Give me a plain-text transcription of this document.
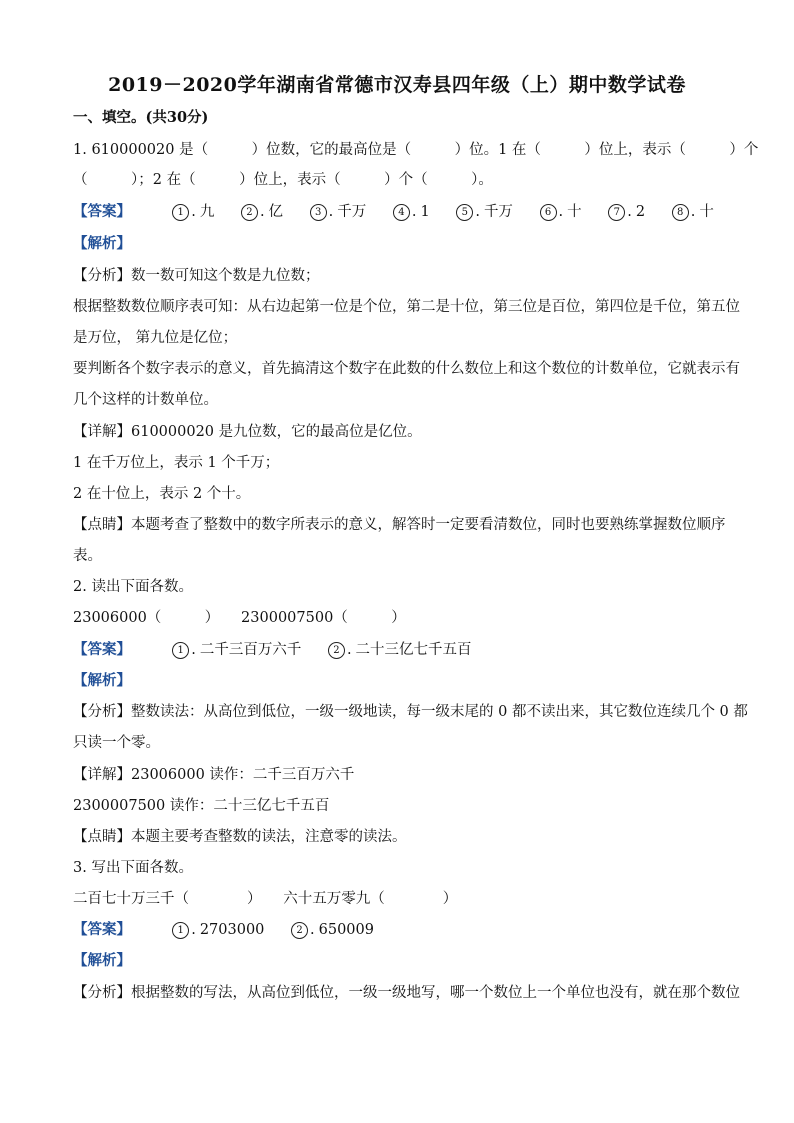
2019－2020学年湖南省常德市汉寿县四年级（上）期中数学试卷
一、填空。(共30分)
1. 610000020 是（　　　）位数，它的最高位是（　　　）位。1 在（　　　）位上，表示（　　　）个
（　　　）；2 在（　　　）位上，表示（　　　）个（　　　）。
【答案】	1 . 九	2 . 亿	3 . 千万	4 . 1	5 . 千万	6 . 十	7 . 2	8 . 十
【解析】
【分析】数一数可知这个数是九位数；
根据整数数位顺序表可知：从右边起第一位是个位，第二是十位，第三位是百位，第四位是千位，第五位
是万位， 第九位是亿位；
要判断各个数字表示的意义，首先搞清这个数字在此数的什么数位上和这个数位的计数单位，它就表示有
几个这样的计数单位。
【详解】610000020 是九位数，它的最高位是亿位。
1 在千万位上，表示 1 个千万；
2 在十位上，表示 2 个十。
【点睛】本题考查了整数中的数字所表示的意义，解答时一定要看清数位，同时也要熟练掌握数位顺序
表。
2. 读出下面各数。
23006000（　　　）　　2300007500（　　　）
【答案】	1 . 二千三百万六千	2 . 二十三亿七千五百
【解析】
【分析】整数读法：从高位到低位，一级一级地读，每一级末尾的 0 都不读出来，其它数位连续几个 0 都
只读一个零。
【详解】23006000 读作：二千三百万六千
2300007500 读作：二十三亿七千五百
【点睛】本题主要考查整数的读法，注意零的读法。
3. 写出下面各数。
二百七十万三千（　　　　）　　六十五万零九（　　　　）
【答案】	1 . 2703000	2 . 650009
【解析】
【分析】根据整数的写法，从高位到低位，一级一级地写，哪一个数位上一个单位也没有，就在那个数位
